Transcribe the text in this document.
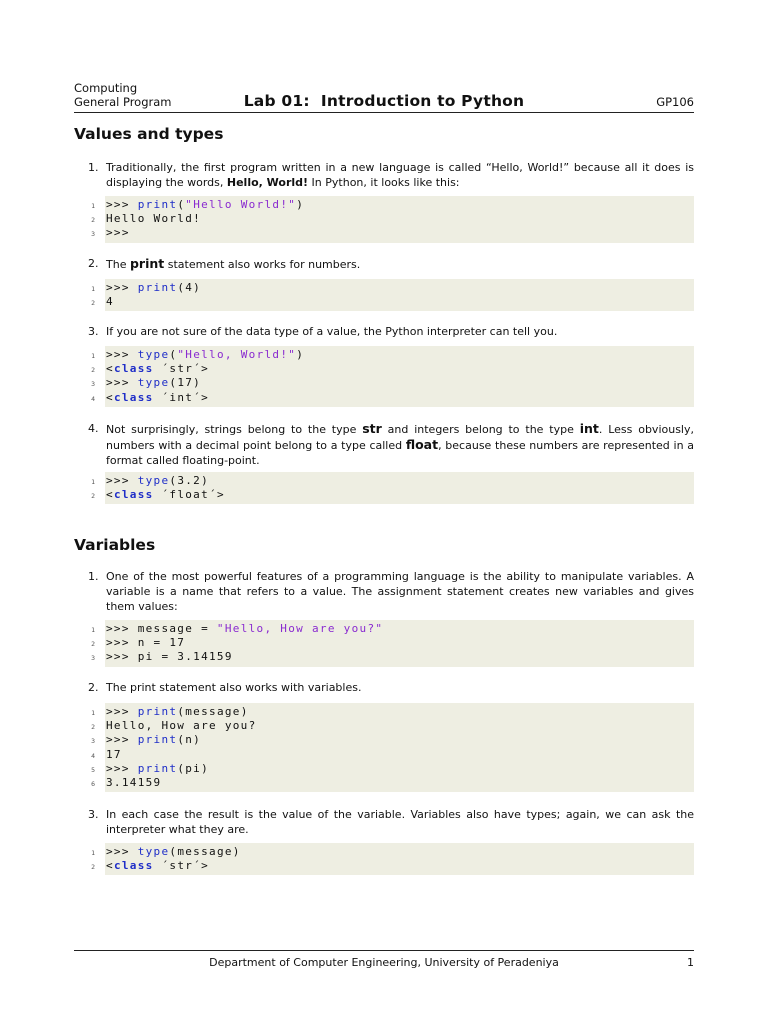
Computing
General Program	Lab 01:  Introduction to Python	GP106
Values and types
1. Traditionally, the first program written in a new language is called “Hello, World!” because all it does is displaying the words, Hello, World! In Python, it looks like this:
1 >>> print("Hello World!")
2 Hello World!
3 >>>
2. The print statement also works for numbers.
1 >>> print(4)
2 4
3. If you are not sure of the data type of a value, the Python interpreter can tell you.
1 >>> type("Hello, World!")
2 <class ´str´>
3 >>> type(17)
4 <class ´int´>
4. Not surprisingly, strings belong to the type str and integers belong to the type int. Less obviously, numbers with a decimal point belong to a type called float, because these numbers are represented in a format called floating-point.
1 >>> type(3.2)
2 <class ´float´>
Variables
1. One of the most powerful features of a programming language is the ability to manipulate variables. A variable is a name that refers to a value. The assignment statement creates new variables and gives them values:
1 >>> message = "Hello, How are you?"
2 >>> n = 17
3 >>> pi = 3.14159
2. The print statement also works with variables.
1 >>> print(message)
2 Hello, How are you?
3 >>> print(n)
4 17
5 >>> print(pi)
6 3.14159
3. In each case the result is the value of the variable. Variables also have types; again, we can ask the interpreter what they are.
1 >>> type(message)
2 <class ´str´>
Department of Computer Engineering, University of Peradeniya	1
